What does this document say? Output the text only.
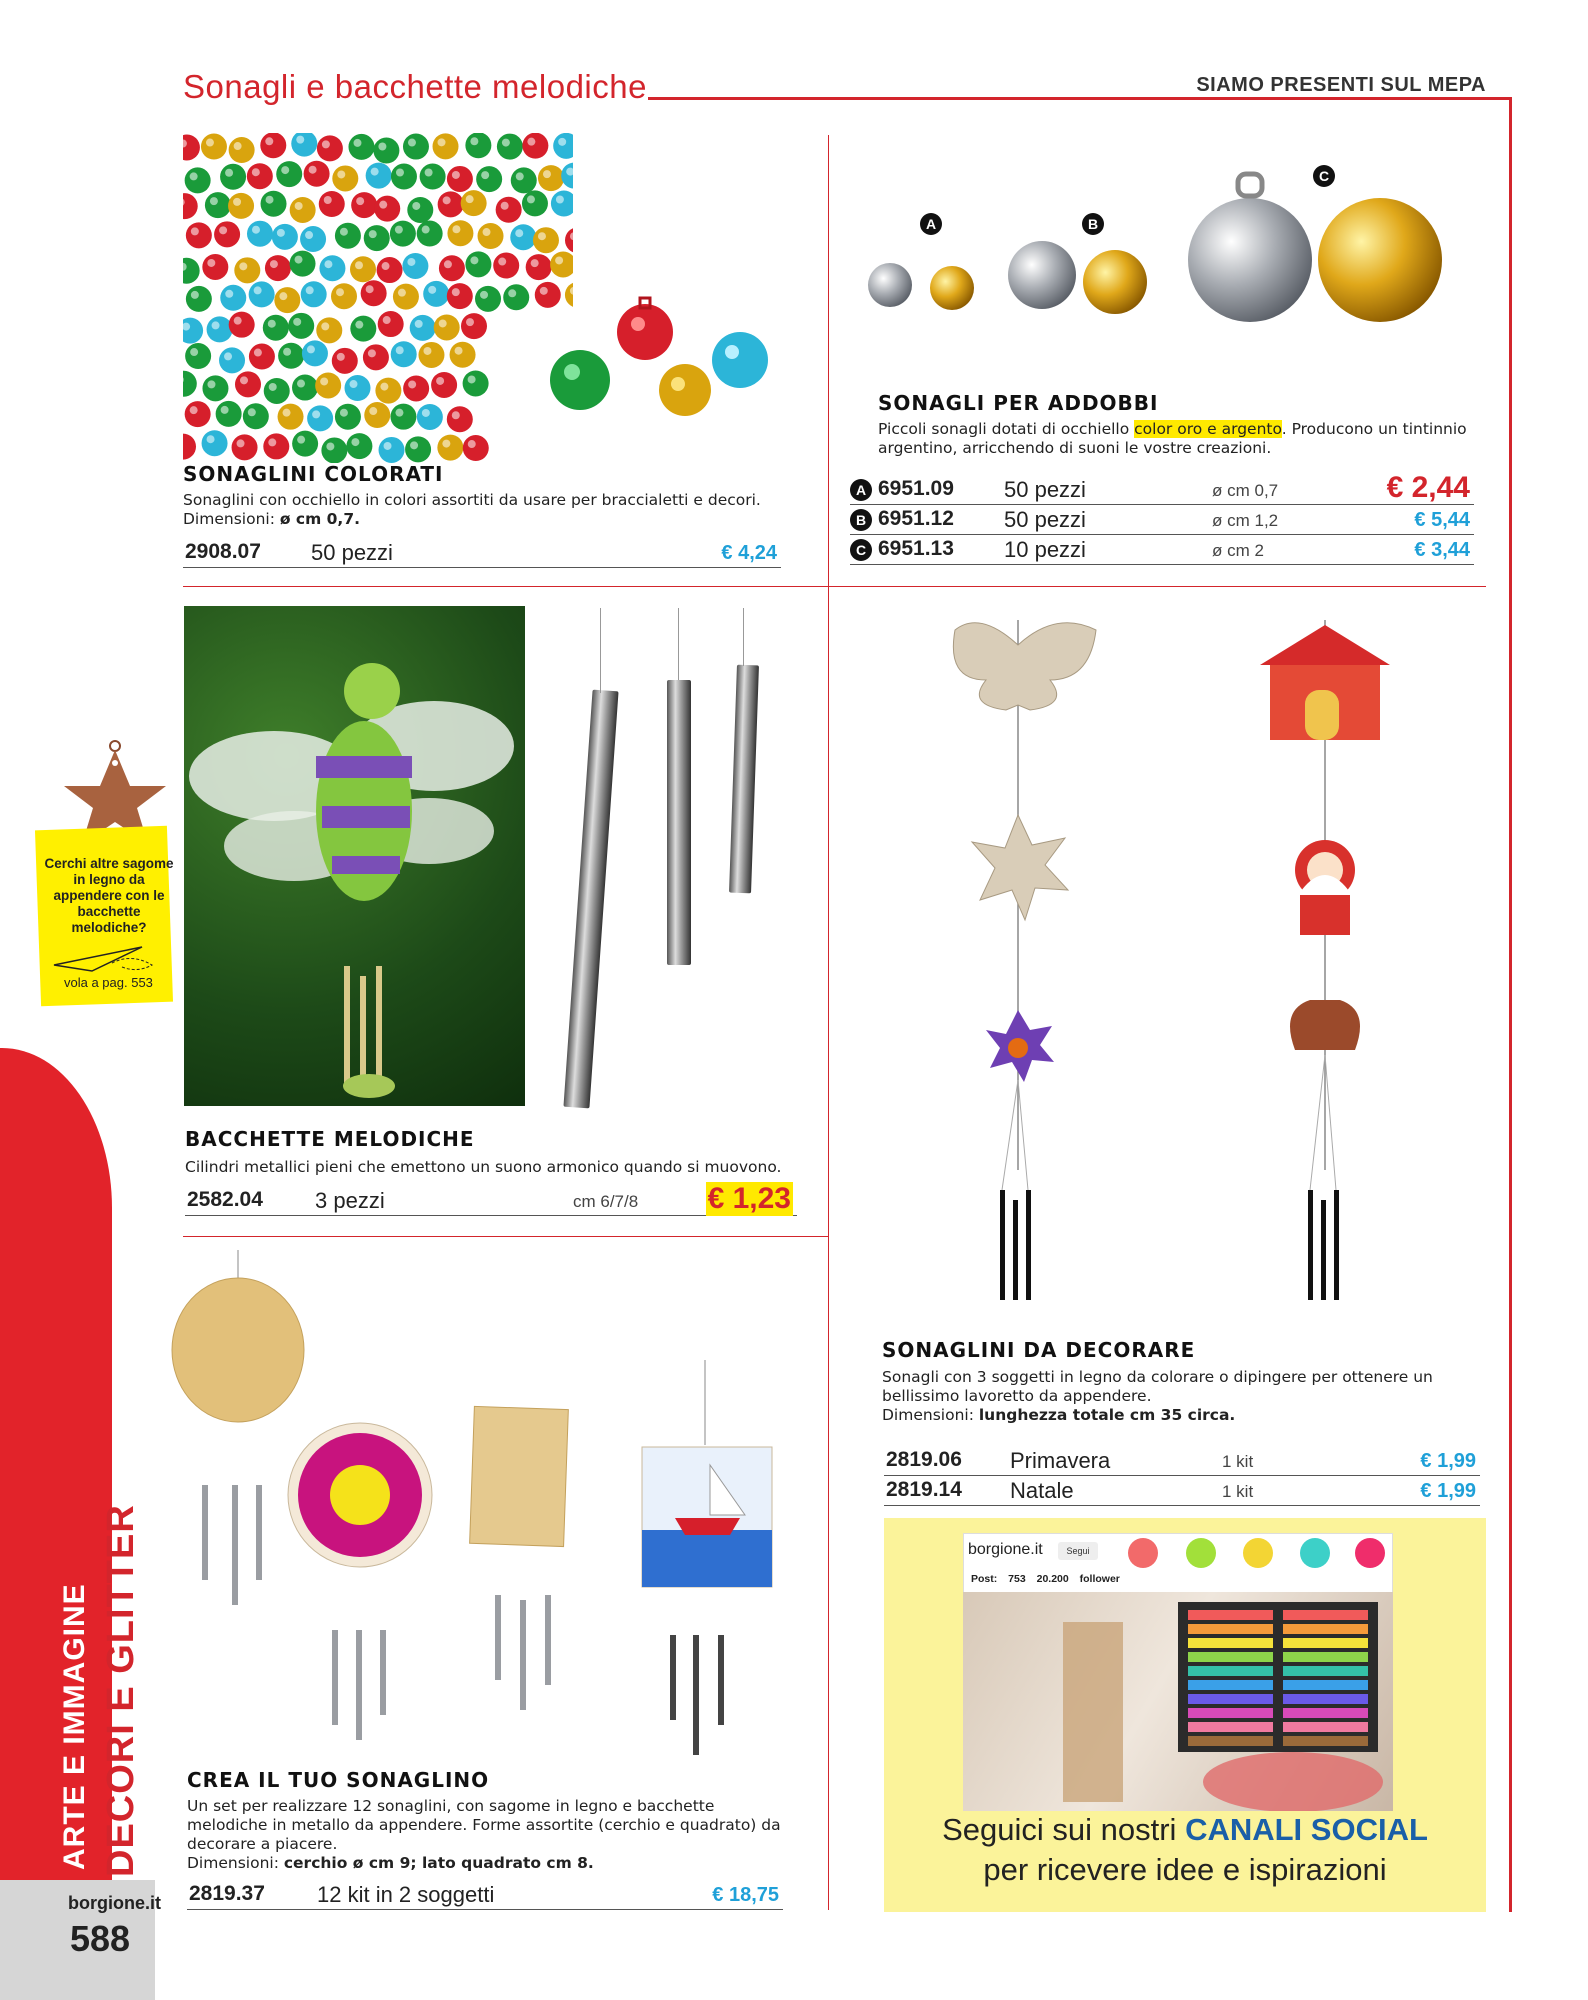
Sonagli e bacchette melodiche	SIAMO PRESENTI SUL MEPA
SONAGLINI COLORATI
Sonaglini con occhiello in colori assortiti da usare per braccialetti e decori.
Dimensioni: ø cm 0,7.
2908.07 50 pezzi	€ 4,24
A	B
C
SONAGLI PER ADDOBBI
Piccoli sonagli dotati di occhiello color oro e argento. Producono un tintinnio argentino, arricchendo di suoni le vostre creazioni.
A 6951.09 50 pezzi	ø cm 0,7	€ 2,44
B 6951.12 50 pezzi	ø cm 1,2	€ 5,44
C 6951.13 10 pezzi	ø cm 2	€ 3,44
BACCHETTE MELODICHE
Cilindri metallici pieni che emettono un suono armonico quando si muovono.
2582.04 3 pezzi	cm 6/7/8 € 1,23
SONAGLINI DA DECORARE
Sonagli con 3 soggetti in legno da colorare o dipingere per ottenere un bellissimo lavoretto da appendere.
Dimensioni: lunghezza totale cm 35 circa.
2819.06 Primavera	1 kit	€ 1,99
2819.14 Natale	1 kit	€ 1,99
CREA IL TUO SONAGLINO
Un set per realizzare 12 sonaglini, con sagome in legno e bacchette melodiche in metallo da appendere. Forme assortite (cerchio e quadrato) da decorare a piacere.
Dimensioni: cerchio ø cm 9; lato quadrato cm 8.
2819.37 12 kit in 2 soggetti	€ 18,75
borgione.it	Segui
Post: 753 20.200 follower
Seguici sui nostri CANALI SOCIAL
per ricevere idee e ispirazioni
Cerchi altre sagome in legno da appendere con le bacchette melodiche?
vola a pag. 553
ARTE E IMMAGINE DECORI E GLITTER
borgione.it
588
